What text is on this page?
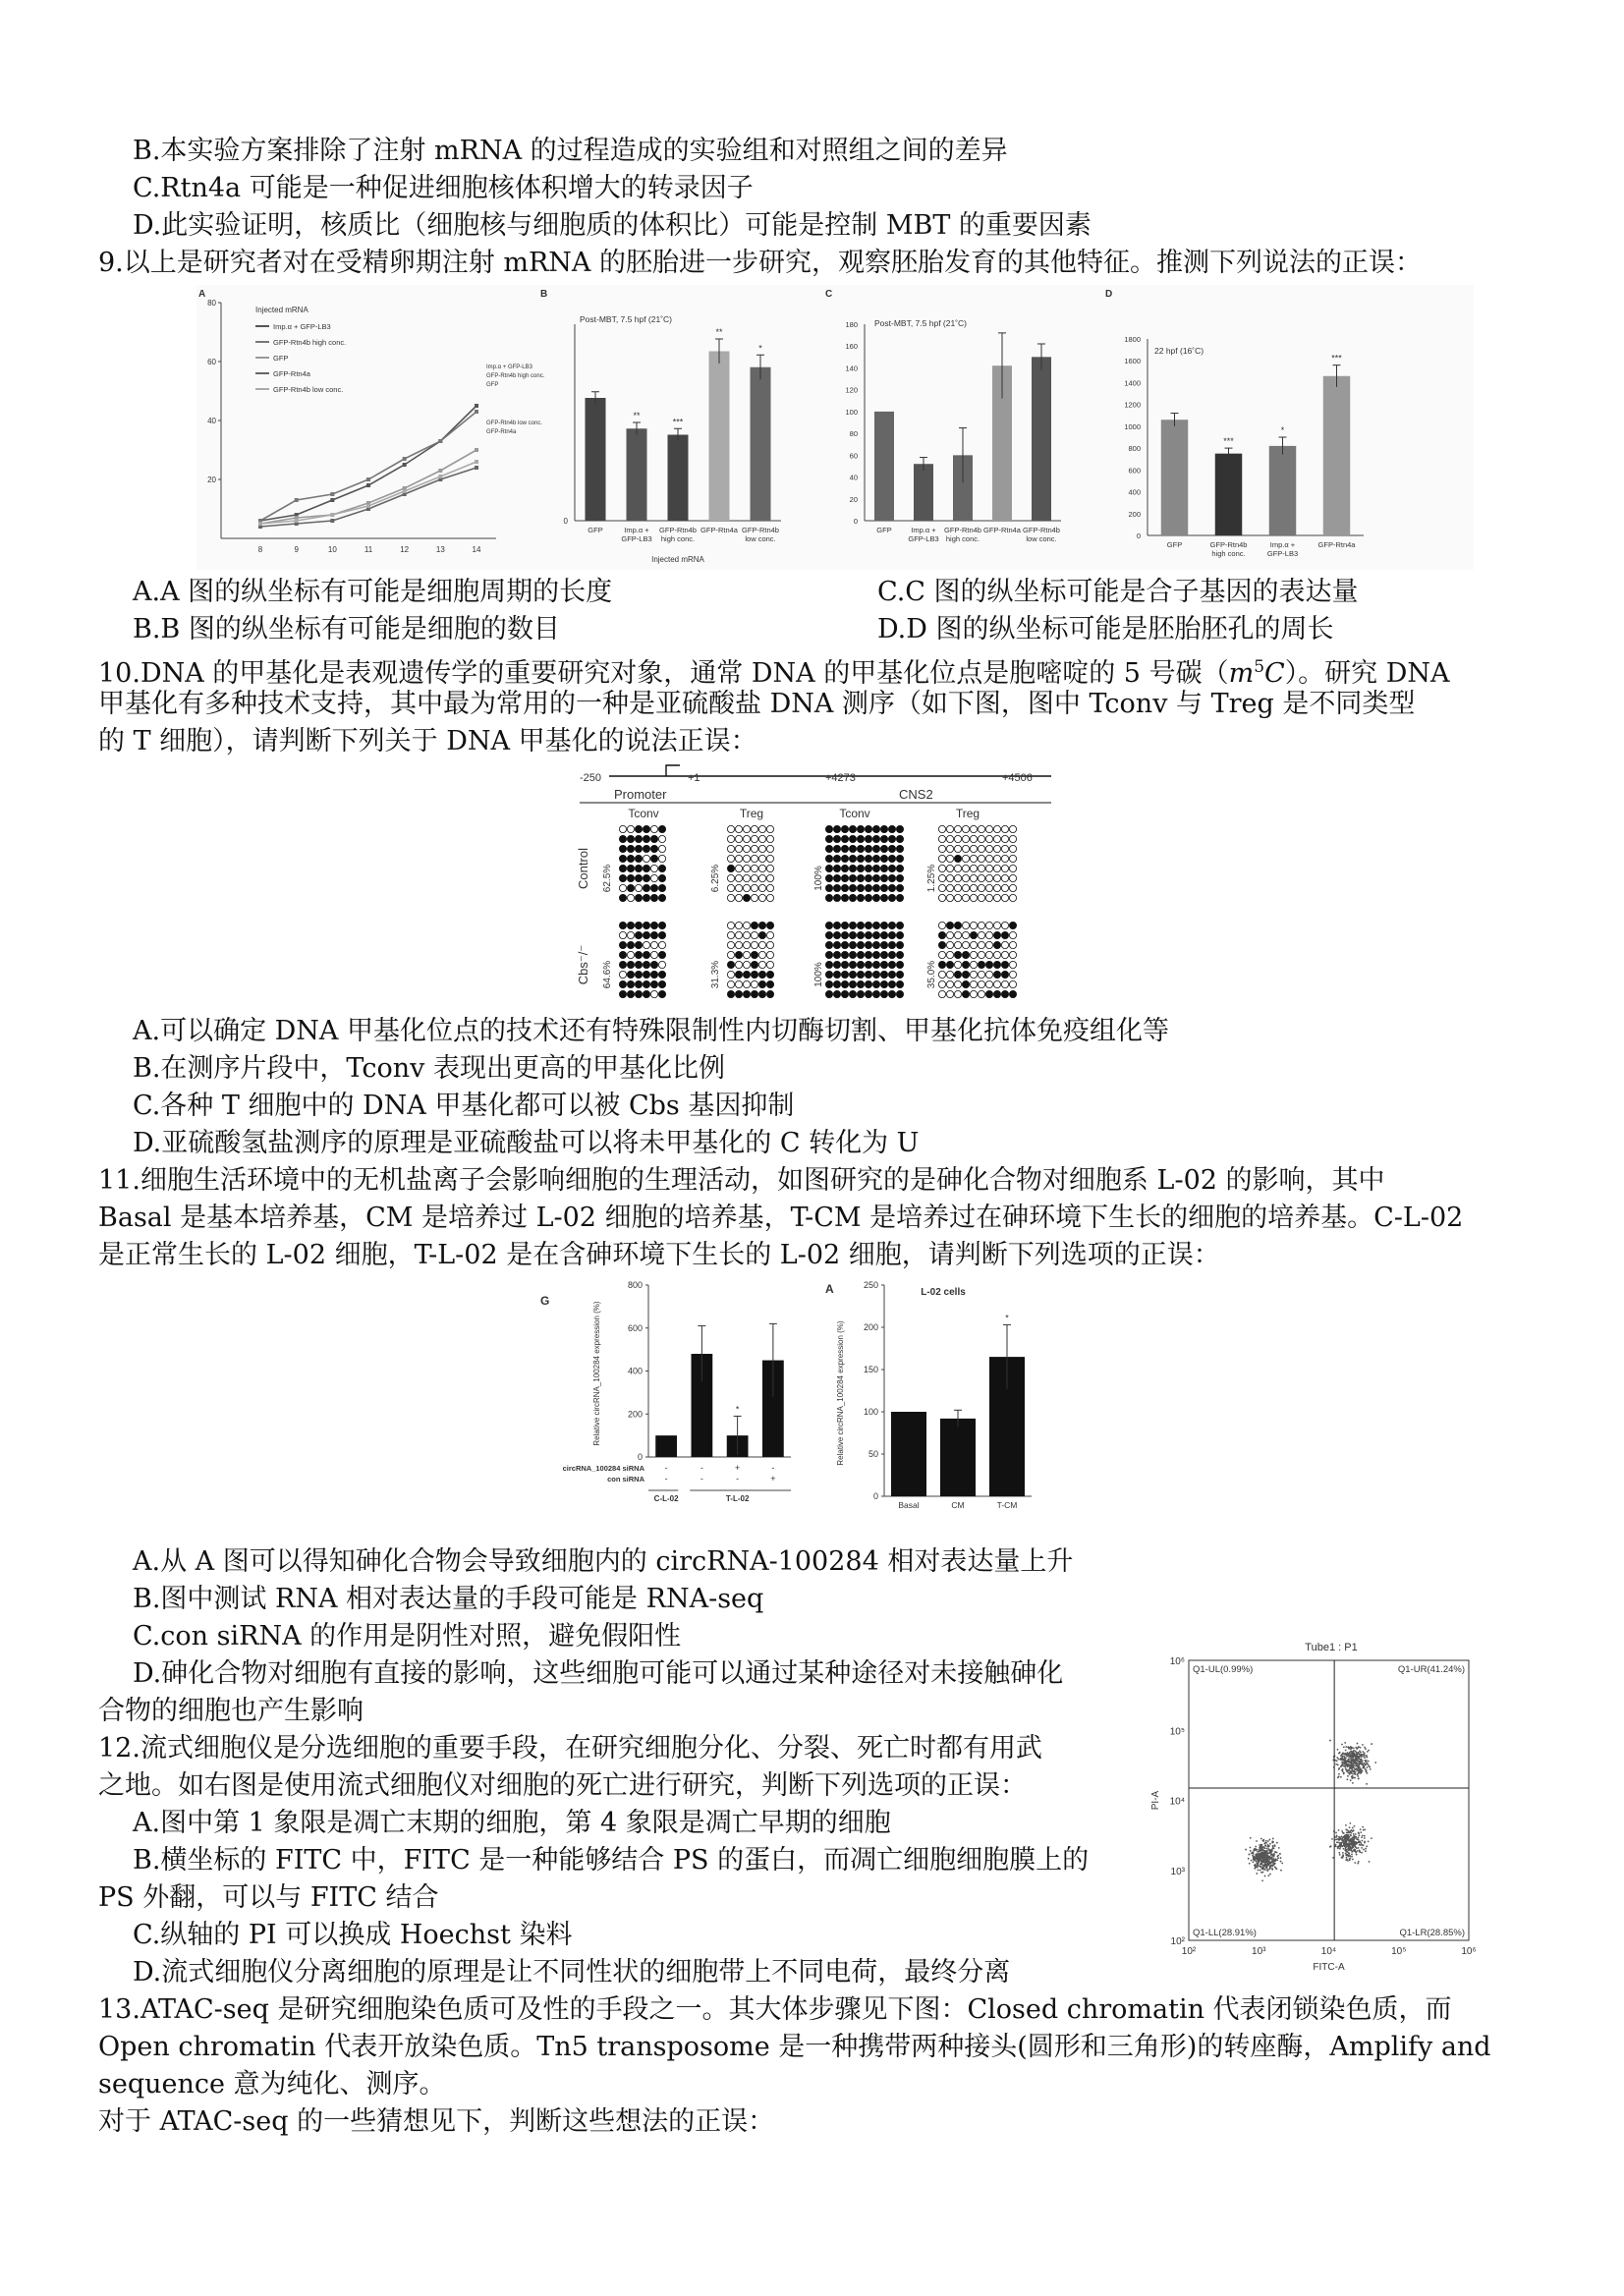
B.本实验方案排除了注射 mRNA 的过程造成的实验组和对照组之间的差异
C.Rtn4a 可能是一种促进细胞核体积增大的转录因子
D.此实验证明，核质比（细胞核与细胞质的体积比）可能是控制 MBT 的重要因素
9.以上是研究者对在受精卵期注射 mRNA 的胚胎进一步研究，观察胚胎发育的其他特征。推测下列说法的正误：
A.A 图的纵坐标有可能是细胞周期的长度	C.C 图的纵坐标可能是合子基因的表达量
B.B 图的纵坐标有可能是细胞的数目	D.D 图的纵坐标可能是胚胎胚孔的周长
10.DNA 的甲基化是表观遗传学的重要研究对象，通常 DNA 的甲基化位点是胞嘧啶的 5 号碳$(m^5C)$。研究 DNA
甲基化有多种技术支持，其中最为常用的一种是亚硫酸盐 DNA 测序（如下图，图中 Tconv 与 Treg 是不同类型
的 T 细胞），请判断下列关于 DNA 甲基化的说法正误：
A.可以确定 DNA 甲基化位点的技术还有特殊限制性内切酶切割、甲基化抗体免疫组化等
B.在测序片段中，Tconv 表现出更高的甲基化比例
C.各种 T 细胞中的 DNA 甲基化都可以被 Cbs 基因抑制
D.亚硫酸氢盐测序的原理是亚硫酸盐可以将未甲基化的 C 转化为 U
11.细胞生活环境中的无机盐离子会影响细胞的生理活动，如图研究的是砷化合物对细胞系 L-02 的影响，其中
Basal 是基本培养基，CM 是培养过 L-02 细胞的培养基，T-CM 是培养过在砷环境下生长的细胞的培养基。C-L-02
是正常生长的 L-02 细胞，T-L-02 是在含砷环境下生长的 L-02 细胞，请判断下列选项的正误：
A.从 A 图可以得知砷化合物会导致细胞内的 circRNA-100284 相对表达量上升
B.图中测试 RNA 相对表达量的手段可能是 RNA-seq
C.con siRNA 的作用是阴性对照，避免假阳性
D.砷化合物对细胞有直接的影响，这些细胞可能可以通过某种途径对未接触砷化
合物的细胞也产生影响
12.流式细胞仪是分选细胞的重要手段，在研究细胞分化、分裂、死亡时都有用武
之地。如右图是使用流式细胞仪对细胞的死亡进行研究，判断下列选项的正误：
A.图中第 1 象限是凋亡末期的细胞，第 4 象限是凋亡早期的细胞
B.横坐标的 FITC 中，FITC 是一种能够结合 PS 的蛋白，而凋亡细胞细胞膜上的
PS 外翻，可以与 FITC 结合
C.纵轴的 PI 可以换成 Hoechst 染料
D.流式细胞仪分离细胞的原理是让不同性状的细胞带上不同电荷，最终分离
13.ATAC-seq 是研究细胞染色质可及性的手段之一。其大体步骤见下图：Closed chromatin 代表闭锁染色质，而
Open chromatin 代表开放染色质。Tn5 transposome 是一种携带两种接头(圆形和三角形)的转座酶，Amplify and
sequence 意为纯化、测序。
对于 ATAC-seq 的一些猜想见下，判断这些想法的正误：
A
Injected mRNA
80
60
40
20
8	9	10	11	12	13	14
Imp.α + GFP-LB3
GFP-Rtn4b high conc.
GFP
GFP-Rtn4a
GFP-Rtn4b low conc.
Imp.α + GFP-LB3
GFP-Rtn4b high conc.
GFP
GFP-Rtn4b low conc.
GFP-Rtn4a
B
Post-MBT, 7.5 hpf (21˚C)
GFP
**
Imp.α +
GFP-LB3
***
GFP-Rtn4b
high conc.
**
GFP-Rtn4a
*
GFP-Rtn4b
low conc.
0
Injected mRNA
C
Post-MBT, 7.5 hpf (21˚C)
GFP	Imp.α +
GFP-LB3
GFP-Rtn4b
high conc.
GFP-Rtn4a GFP-Rtn4b
low conc.
180
160
140
120
100
80
60
40
20
0
D
22 hpf (16˚C)
GFP
***
GFP-Rtn4b
high conc.
*
Imp.α +
GFP-LB3
***
GFP-Rtn4a
1800
1600
1400
1200
1000
800
600
400
200
0
-250	+1	+4273	+4506
Promoter	CNS2
Tconv	Treg	Tconv	Treg
Control
Cbs⁻/⁻
62.5%	6.25%	100%	1.25%
64.6%	31.3%	100%	35.0%
G
800
600
400
200
0
Relative circRNA_100284 expression (%)	*
circRNA_100284 siRNA -	-	+	-
con siRNA -	-	-	+
C-L-02	T-L-02
A	L-02 cells
250
200
150
100
50
0
Relative circRNA_100284 expression (%)
Basal	CM
*
T-CM
Tube1 : P1
Q1-UL(0.99%)	Q1-UR(41.24%)
Q1-LL(28.91%)	Q1-LR(28.85%)
10²	10³	10⁴	10⁵	10⁶
10⁶
10⁵
10⁴
10³
10²
FITC-A
PI-A
